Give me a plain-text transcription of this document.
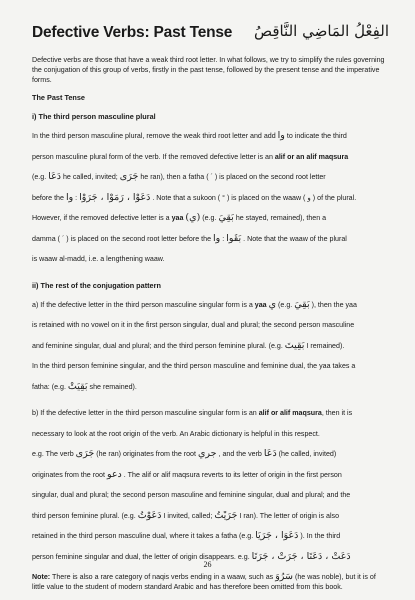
Defective Verbs: Past Tense الفِعْلُ المَاضِي النَّاقِصُ

Defective verbs are those that have a weak third root letter. In what follows, we try to simplify the rules governing the conjugation of this group of verbs, firstly in the past tense, followed by the present tense and the imperative forms.

The Past Tense
i) The third person masculine plural
In the third person masculine plural, remove the weak third root letter and add وا to indicate the third
person masculine plural form of the verb. If the removed defective letter is an alif or an alif maqsura
(e.g. دَعَا he called, invited; جَرَى he ran), then a fatha ( ´ ) is placed on the second root letter
before the وا : دَعَوْا ، رَمَوْا ، جَرَوْا . Note that a sukoon ( ° ) is placed on the waaw ( و ) of the plural.
However, if the removed defective letter is a yaa (ي) (e.g. بَقِيَ he stayed, remained), then a
damma ( ´ ) is placed on the second root letter before the وا : بَقُوا . Note that the waaw of the plural
is waaw al-madd, i.e. a lengthening waaw.
ii) The rest of the conjugation pattern
a) If the defective letter in the third person masculine singular form is a yaa ي (e.g. بَقِيَ ), then the yaa
is retained with no vowel on it in the first person singular, dual and plural; the second person masculine
and feminine singular, dual and plural; and the third person feminine plural. (e.g. بَقِيتَ I remained).
In the third person feminine singular, and the third person masculine and feminine dual, the yaa takes a
fatha: (e.g. بَقِيَتْ she remained).
b) If the defective letter in the third person masculine singular form is an alif or alif maqsura, then it is
necessary to look at the root origin of the verb. An Arabic dictionary is helpful in this respect.
e.g. The verb جَرَى (he ran) originates from the root جري , and the verb دَعَا (he called, invited)
originates from the root دعو . The alif or alif maqsura reverts to its letter of origin in the first person
singular, dual and plural; the second person masculine and feminine singular, dual and plural; and the
third person feminine plural. (e.g. دَعَوْتُ I invited, called; جَرَيْتُ I ran). The letter of origin is also
retained in the third person masculine dual, where it takes a fatha (e.g. دَعَوَا ، جَرَيَا ). In the third
person feminine singular and dual, the letter of origin disappears. e.g. دَعَتْ ، دَعَتَا ، جَرَتْ ، جَرَتَا

Note: There is also a rare category of naqis verbs ending in a waaw, such as سَرُوَ (he was noble), but it is of little value to the student of modern standard Arabic and has therefore been omitted from this book.

26
